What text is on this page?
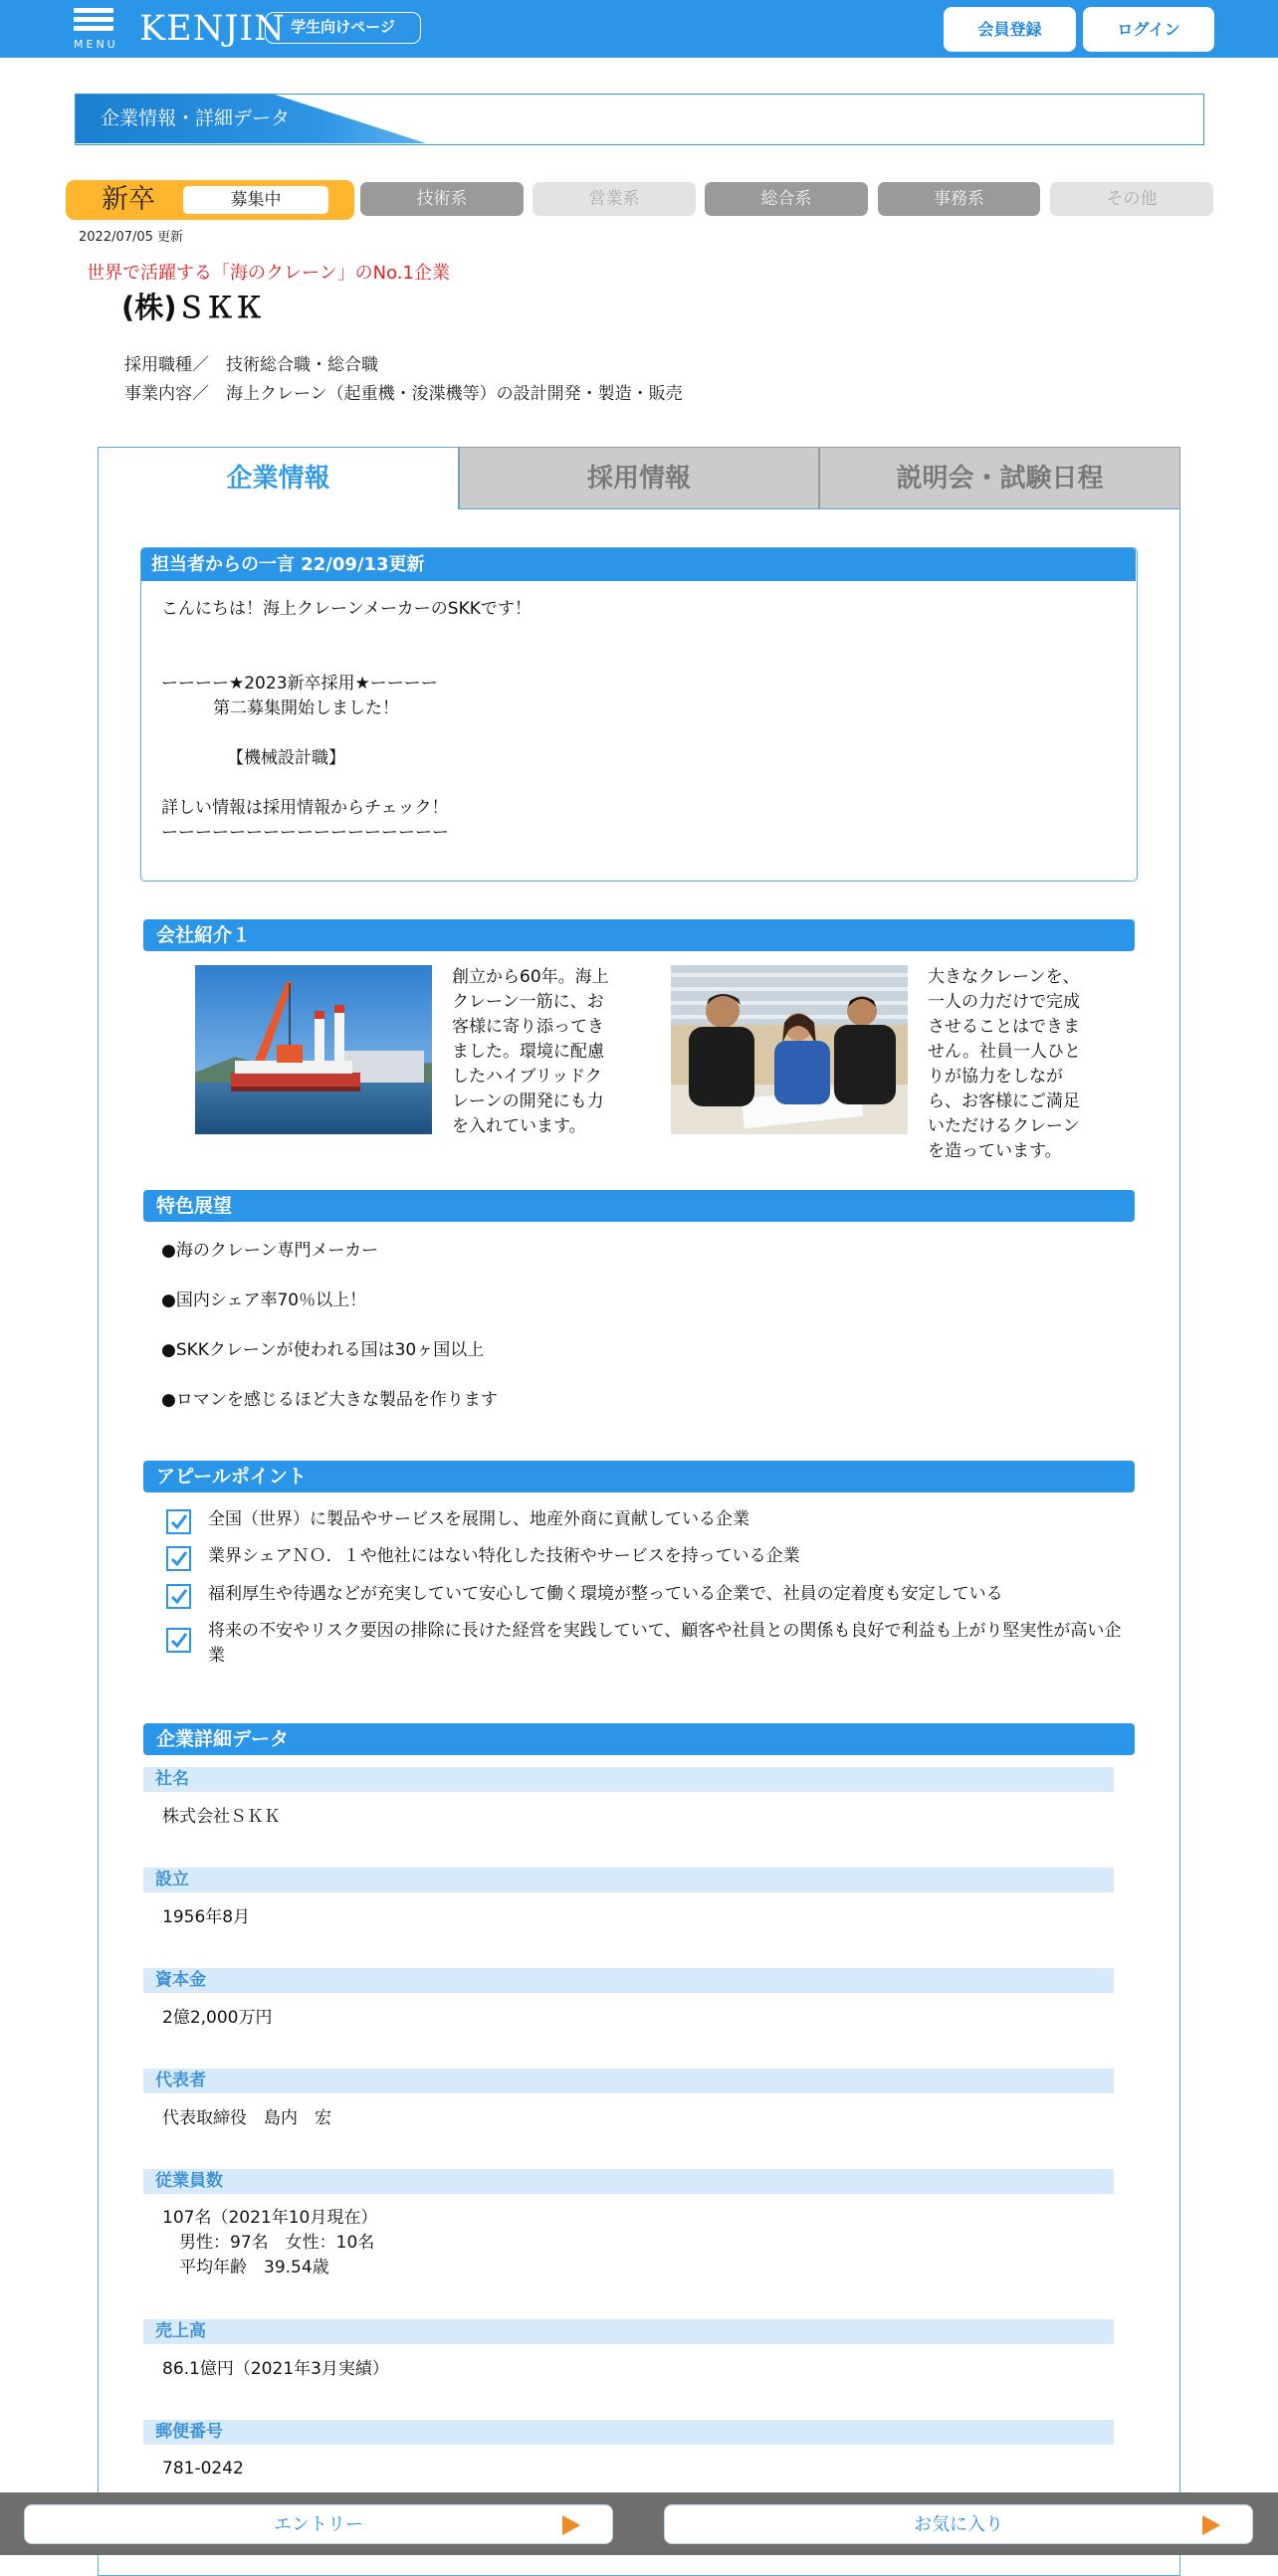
MENU KENJIN 学生向けページ	会員登録	ログイン
企業情報・詳細データ
新卒	募集中	技術系	営業系	総合系	事務系	その他
2022/07/05 更新
世界で活躍する「海のクレーン」のNo.1企業
(株)ＳＫＫ
採用職種／　技術総合職・総合職
事業内容／　海上クレーン（起重機・浚渫機等）の設計開発・製造・販売
企業情報	採用情報	説明会・試験日程
担当者からの一言 22/09/13更新
こんにちは！海上クレーンメーカーのSKKです！
ーーーー★2023新卒採用★ーーーー
第二募集開始しました！
【機械設計職】
詳しい情報は採用情報からチェック！
ーーーーーーーーーーーーーーーーー
会社紹介１
創立から60年。海上クレーン一筋に、お客様に寄り添ってきました。環境に配慮したハイブリッドクレーンの開発にも力を入れています。
大きなクレーンを、一人の力だけで完成させることはできません。社員一人ひとりが協力をしながら、お客様にご満足いただけるクレーンを造っています。
特色展望
●海のクレーン専門メーカー
●国内シェア率70％以上！
●SKKクレーンが使われる国は30ヶ国以上
●ロマンを感じるほど大きな製品を作ります
アピールポイント
全国（世界）に製品やサービスを展開し、地産外商に貢献している企業
業界シェアＮＯ．１や他社にはない特化した技術やサービスを持っている企業
福利厚生や待遇などが充実していて安心して働く環境が整っている企業で、社員の定着度も安定している
将来の不安やリスク要因の排除に長けた経営を実践していて、顧客や社員との関係も良好で利益も上がり堅実性が高い企業
企業詳細データ
社名
株式会社ＳＫＫ
設立
1956年8月
資本金
2億2,000万円
代表者
代表取締役　島内　宏
従業員数
107名（2021年10月現在）
　男性：97名　女性：10名
　平均年齢　39.54歳
売上高
86.1億円（2021年3月実績）
郵便番号
781-0242
エントリー	お気に入り
